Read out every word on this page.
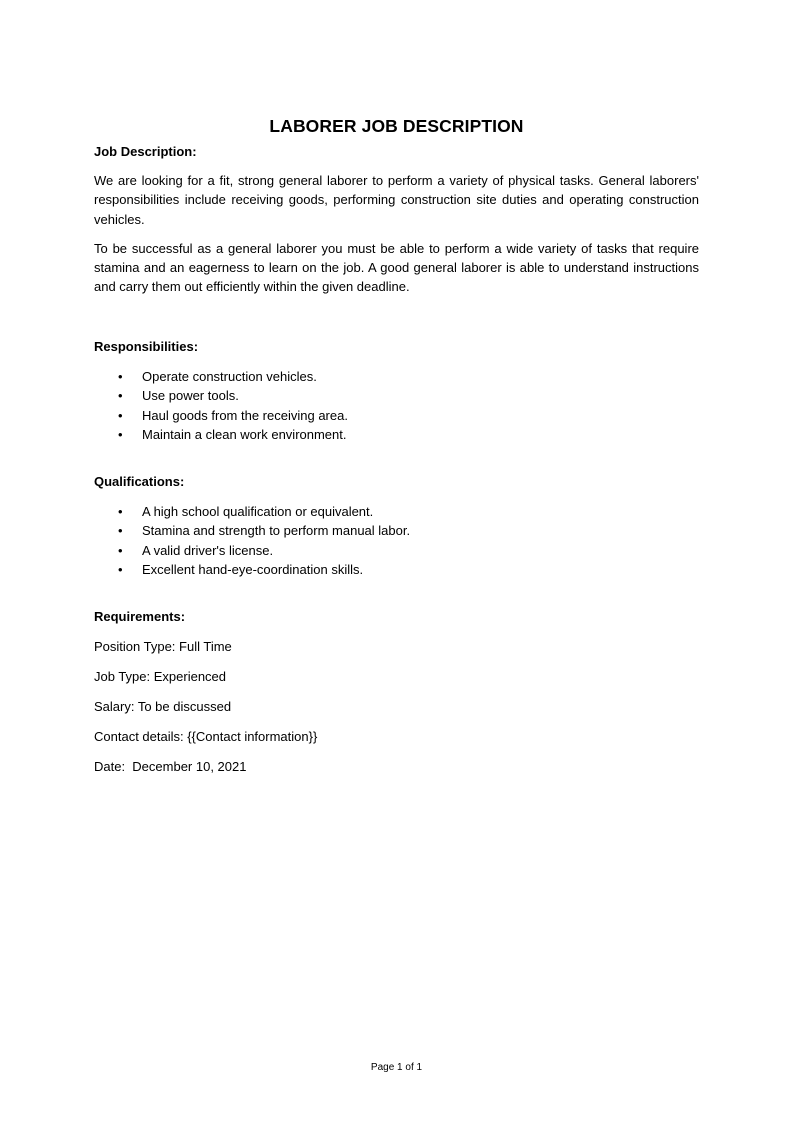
LABORER JOB DESCRIPTION

Job Description:

We are looking for a fit, strong general laborer to perform a variety of physical tasks. General laborers' responsibilities include receiving goods, performing construction site duties and operating construction vehicles.

To be successful as a general laborer you must be able to perform a wide variety of tasks that require stamina and an eagerness to learn on the job. A good general laborer is able to understand instructions and carry them out efficiently within the given deadline.

Responsibilities:

• Operate construction vehicles.
• Use power tools.
• Haul goods from the receiving area.
• Maintain a clean work environment.

Qualifications:

• A high school qualification or equivalent.
• Stamina and strength to perform manual labor.
• A valid driver's license.
• Excellent hand-eye-coordination skills.

Requirements:

Position Type: Full Time

Job Type: Experienced

Salary: To be discussed

Contact details: {{Contact information}}

Date:  December 10, 2021

Page 1 of 1
